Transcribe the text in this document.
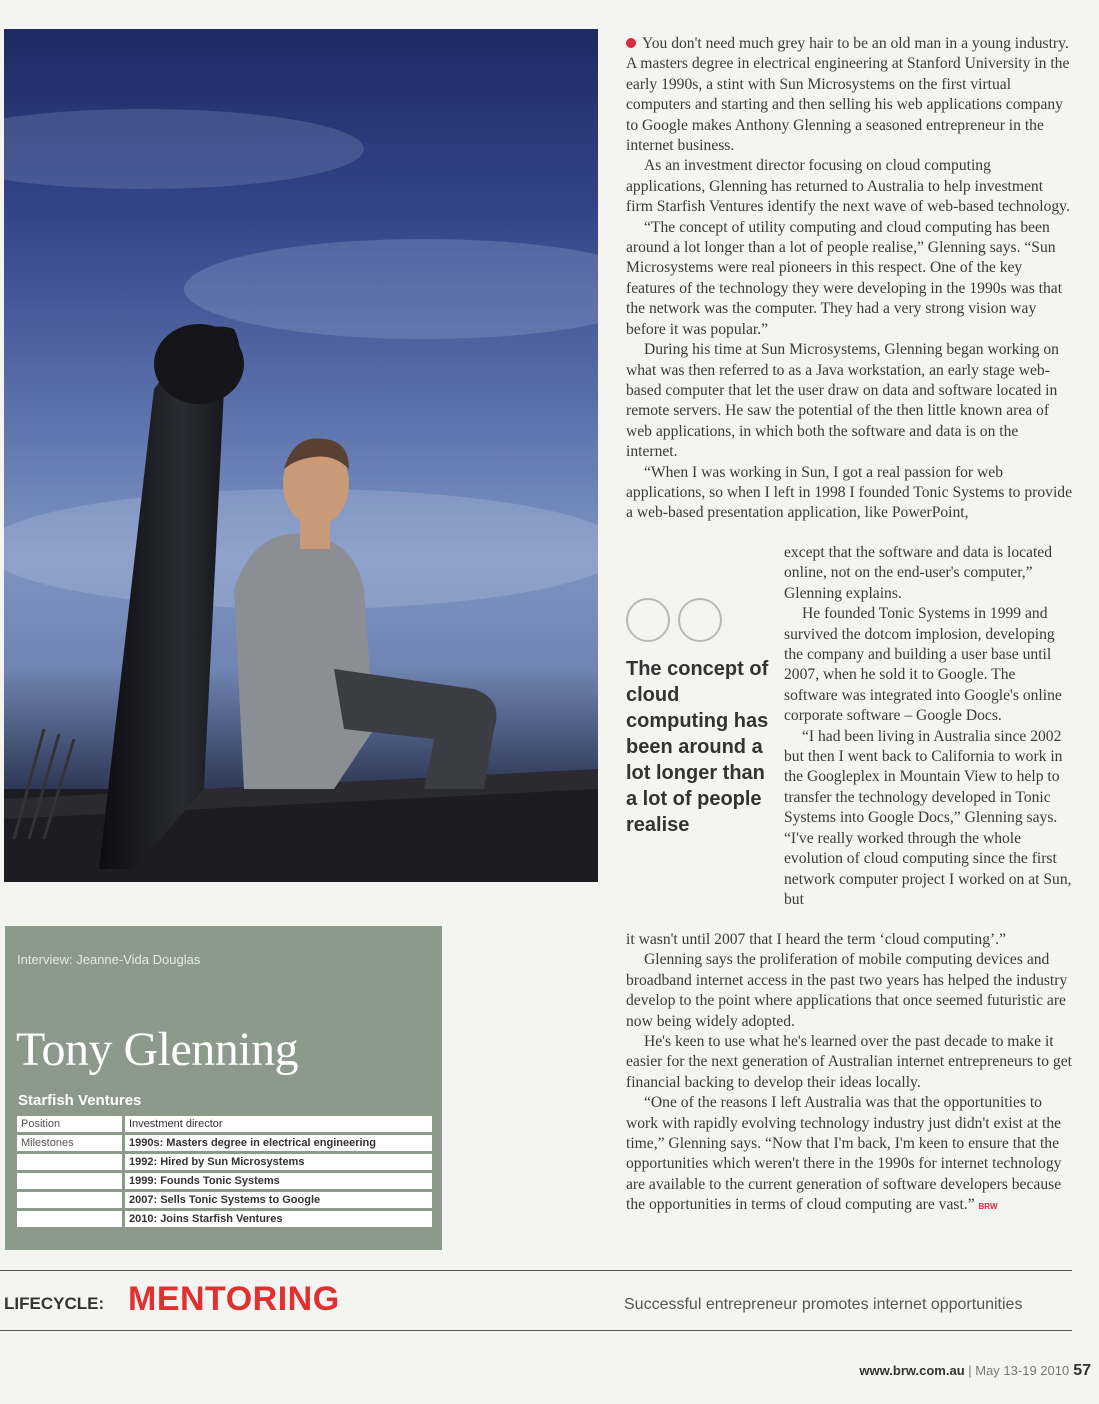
You don't need much grey hair to be an old man in a young industry. A masters degree in electrical engineering at Stanford University in the early 1990s, a stint with Sun Microsystems on the first virtual computers and starting and then selling his web applications company to Google makes Anthony Glenning a seasoned entrepreneur in the internet business.

As an investment director focusing on cloud computing applications, Glenning has returned to Australia to help investment firm Starfish Ventures identify the next wave of web-based technology.

“The concept of utility computing and cloud computing has been around a lot longer than a lot of people realise,” Glenning says. “Sun Microsystems were real pioneers in this respect. One of the key features of the technology they were developing in the 1990s was that the network was the computer. They had a very strong vision way before it was popular.”

During his time at Sun Microsystems, Glenning began working on what was then referred to as a Java workstation, an early stage web-based computer that let the user draw on data and software located in remote servers. He saw the potential of the then little known area of web applications, in which both the software and data is on the internet.

“When I was working in Sun, I got a real passion for web applications, so when I left in 1998 I founded Tonic Systems to provide a web-based presentation application, like PowerPoint,

The concept of cloud computing has been around a lot longer than a lot of people realise

except that the software and data is located online, not on the end-user's computer,” Glenning explains.

He founded Tonic Systems in 1999 and survived the dotcom implosion, developing the company and building a user base until 2007, when he sold it to Google. The software was integrated into Google's online corporate software – Google Docs.

“I had been living in Australia since 2002 but then I went back to California to work in the Googleplex in Mountain View to help to transfer the technology developed in Tonic Systems into Google Docs,” Glenning says. “I've really worked through the whole evolution of cloud computing since the first network computer project I worked on at Sun, but

it wasn't until 2007 that I heard the term ‘cloud computing’.”

Glenning says the proliferation of mobile computing devices and broadband internet access in the past two years has helped the industry develop to the point where applications that once seemed futuristic are now being widely adopted.

He's keen to use what he's learned over the past decade to make it easier for the next generation of Australian internet entrepreneurs to get financial backing to develop their ideas locally.

“One of the reasons I left Australia was that the opportunities to work with rapidly evolving technology industry just didn't exist at the time,” Glenning says. “Now that I'm back, I'm keen to ensure that the opportunities which weren't there in the 1990s for internet technology are available to the current generation of software developers because the opportunities in terms of cloud computing are vast.” BRW

Interview: Jeanne-Vida Douglas
Tony Glenning
Starfish Ventures
Position	Investment director
Milestones	1990s: Masters degree in electrical engineering
	1992: Hired by Sun Microsystems
	1999: Founds Tonic Systems
	2007: Sells Tonic Systems to Google
	2010: Joins Starfish Ventures
LIFECYCLE: MENTORING	Successful entrepreneur promotes internet opportunities
www.brw.com.au | May 13-19 2010 57
